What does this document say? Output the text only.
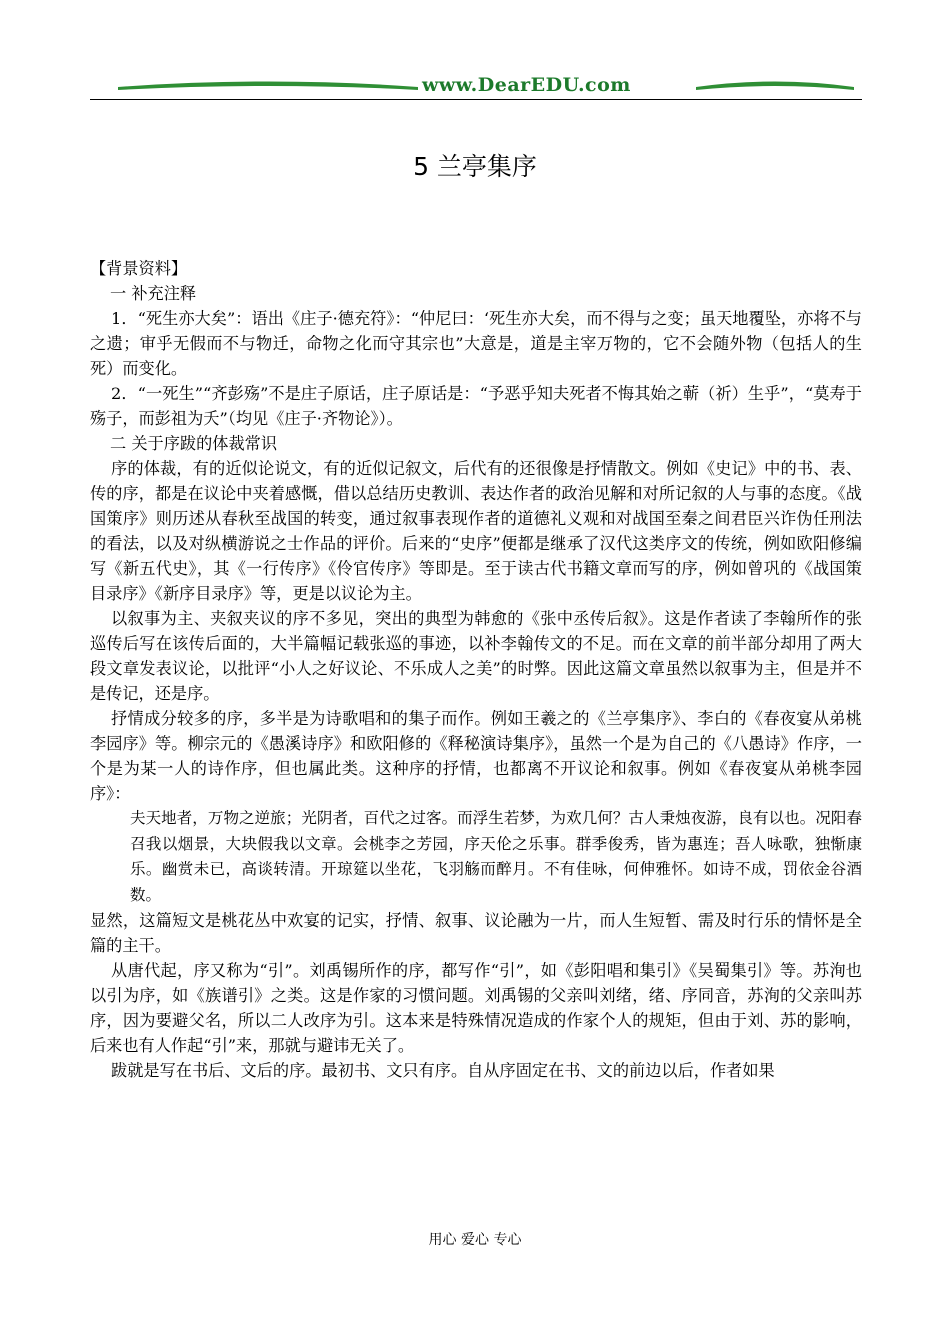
www.DearEDU.com
5 兰亭集序

【背景资料】

一 补充注释

1．“死生亦大矣”：语出《庄子·德充符》：“仲尼曰：‘死生亦大矣，而不得与之变；虽天地覆坠，亦将不与之遗；审乎无假而不与物迁，命物之化而守其宗也”大意是，道是主宰万物的，它不会随外物（包括人的生死）而变化。

2．“一死生”“齐彭殇”不是庄子原话，庄子原话是：“予恶乎知夫死者不悔其始之蕲（祈）生乎”，“莫寿于殇子，而彭祖为夭”（均见《庄子·齐物论》）。

二 关于序跋的体裁常识

序的体裁，有的近似论说文，有的近似记叙文，后代有的还很像是抒情散文。例如《史记》中的书、表、传的序，都是在议论中夹着感慨，借以总结历史教训、表达作者的政治见解和对所记叙的人与事的态度。《战国策序》则历述从春秋至战国的转变，通过叙事表现作者的道德礼义观和对战国至秦之间君臣兴诈伪任刑法的看法，以及对纵横游说之士作品的评价。后来的“史序”便都是继承了汉代这类序文的传统，例如欧阳修编写《新五代史》，其《一行传序》《伶官传序》等即是。至于读古代书籍文章而写的序，例如曾巩的《战国策目录序》《新序目录序》等，更是以议论为主。

以叙事为主、夹叙夹议的序不多见，突出的典型为韩愈的《张中丞传后叙》。这是作者读了李翰所作的张巡传后写在该传后面的，大半篇幅记载张巡的事迹，以补李翰传文的不足。而在文章的前半部分却用了两大段文章发表议论，以批评“小人之好议论、不乐成人之美”的时弊。因此这篇文章虽然以叙事为主，但是并不是传记，还是序。

抒情成分较多的序，多半是为诗歌唱和的集子而作。例如王羲之的《兰亭集序》、李白的《春夜宴从弟桃李园序》等。柳宗元的《愚溪诗序》和欧阳修的《释秘演诗集序》，虽然一个是为自己的《八愚诗》作序，一个是为某一人的诗作序，但也属此类。这种序的抒情，也都离不开议论和叙事。例如《春夜宴从弟桃李园序》：

夫天地者，万物之逆旅；光阴者，百代之过客。而浮生若梦，为欢几何？古人秉烛夜游，良有以也。况阳春召我以烟景，大块假我以文章。会桃李之芳园，序天伦之乐事。群季俊秀，皆为惠连；吾人咏歌，独惭康乐。幽赏未已，高谈转清。开琼筵以坐花，飞羽觞而醉月。不有佳咏，何伸雅怀。如诗不成，罚依金谷酒数。

显然，这篇短文是桃花丛中欢宴的记实，抒情、叙事、议论融为一片，而人生短暂、需及时行乐的情怀是全篇的主干。

从唐代起，序又称为“引”。刘禹锡所作的序，都写作“引”，如《彭阳唱和集引》《吴蜀集引》等。苏洵也以引为序，如《族谱引》之类。这是作家的习惯问题。刘禹锡的父亲叫刘绪，绪、序同音，苏洵的父亲叫苏序，因为要避父名，所以二人改序为引。这本来是特殊情况造成的作家个人的规矩，但由于刘、苏的影响，后来也有人作起“引”来，那就与避讳无关了。

跋就是写在书后、文后的序。最初书、文只有序。自从序固定在书、文的前边以后，作者如果

用心 爱心 专心
